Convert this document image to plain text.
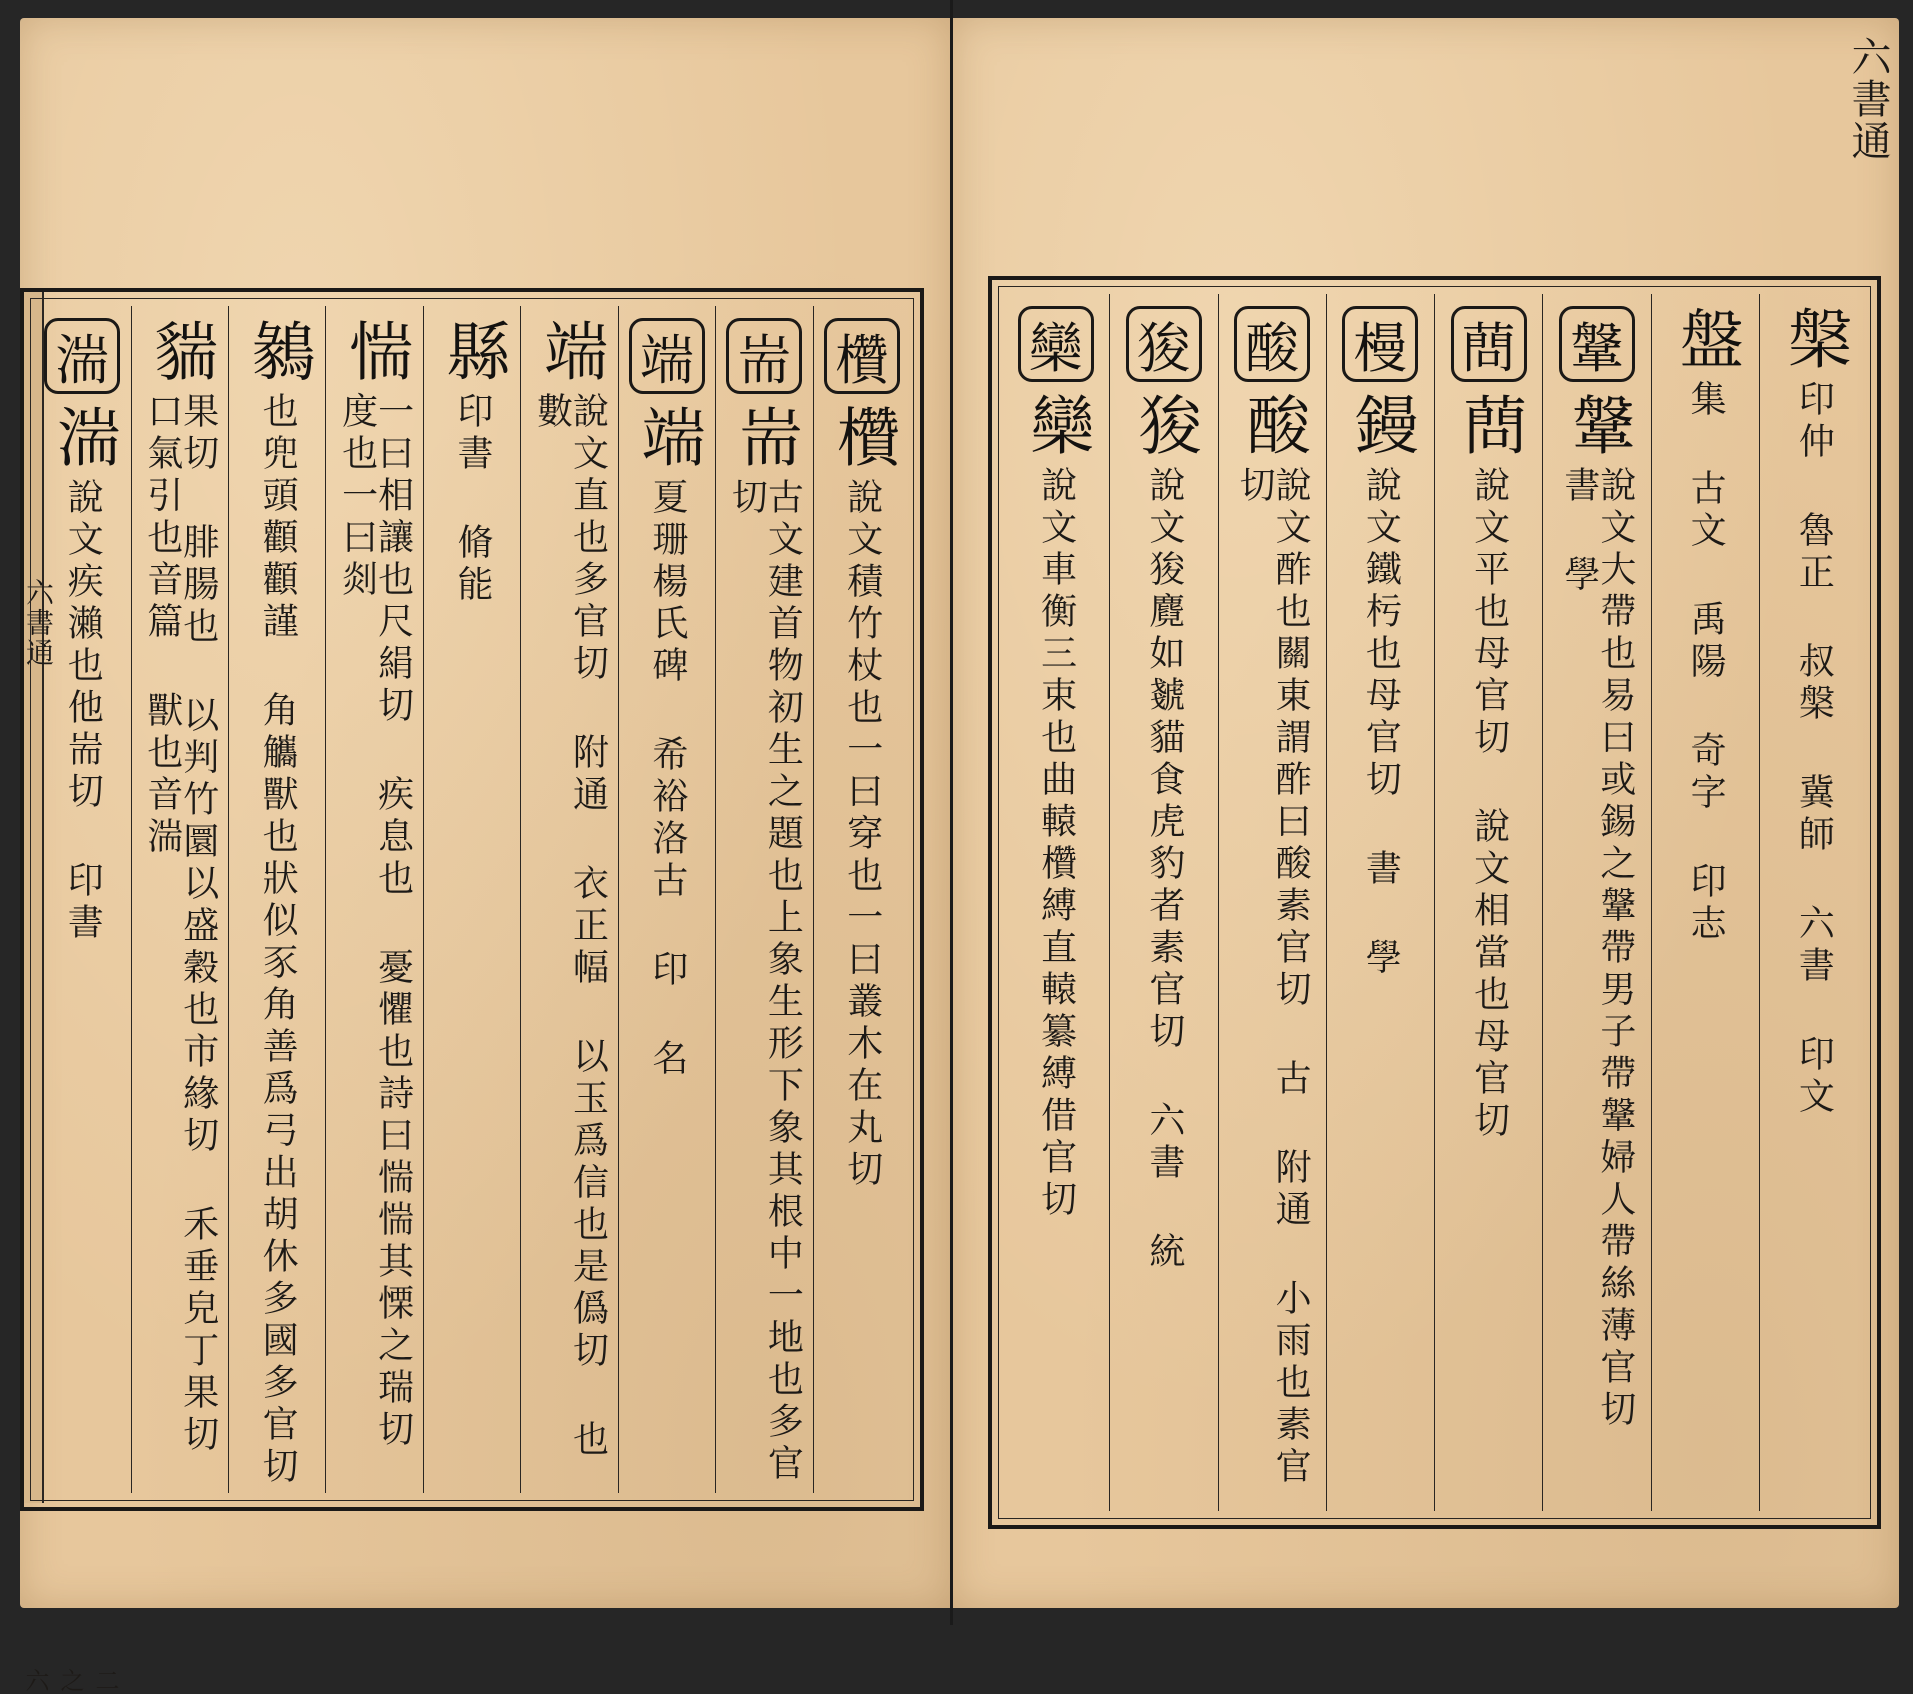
六書通
二之六
欑
欑
說文積竹杖也一曰穿也一曰叢木在丸切
耑
耑
古文建首物初生之題也上象生形下象其根中一地也多官切
端
端
夏珊楊氏碑 希裕洛古 印 名
端
說文直也多官切 附通 衣正幅 以玉爲信也是僞切 也數
縣
印書 脩能
惴
一曰相讓也尺絹切 疾息也 憂懼也詩曰惴惴其慄之瑞切 度也一曰剡
鶨
也兜頭顴顴謹 角觿獸也狀似豕角善爲弓出胡休多國多官切
貒
果切 腓腸也 以判竹圜以盛穀也市緣切 禾垂皃丁果切 口氣引也音篇 獸也音湍
湍
湍
說文疾瀨也他耑切 印書
六書通
槃
印仲 魯正 叔槃 冀師 六書 印文
盤
集 古文 禹陽 奇字 印志
鞶
鞶
說文大帶也易曰或錫之鞶帶男子帶鞶婦人帶絲薄官切 書 學
蔄
蔄
說文平也母官切 說文相當也母官切
槾
鏝
說文鐵杇也母官切 書 學
酸
酸
說文酢也關東謂酢曰酸素官切 古 附通 小雨也素官切
狻
狻
說文狻麑如虦貓食虎豹者素官切 六書 統
欒
欒
說文車衡三束也曲轅欑縛直轅纂縛借官切
